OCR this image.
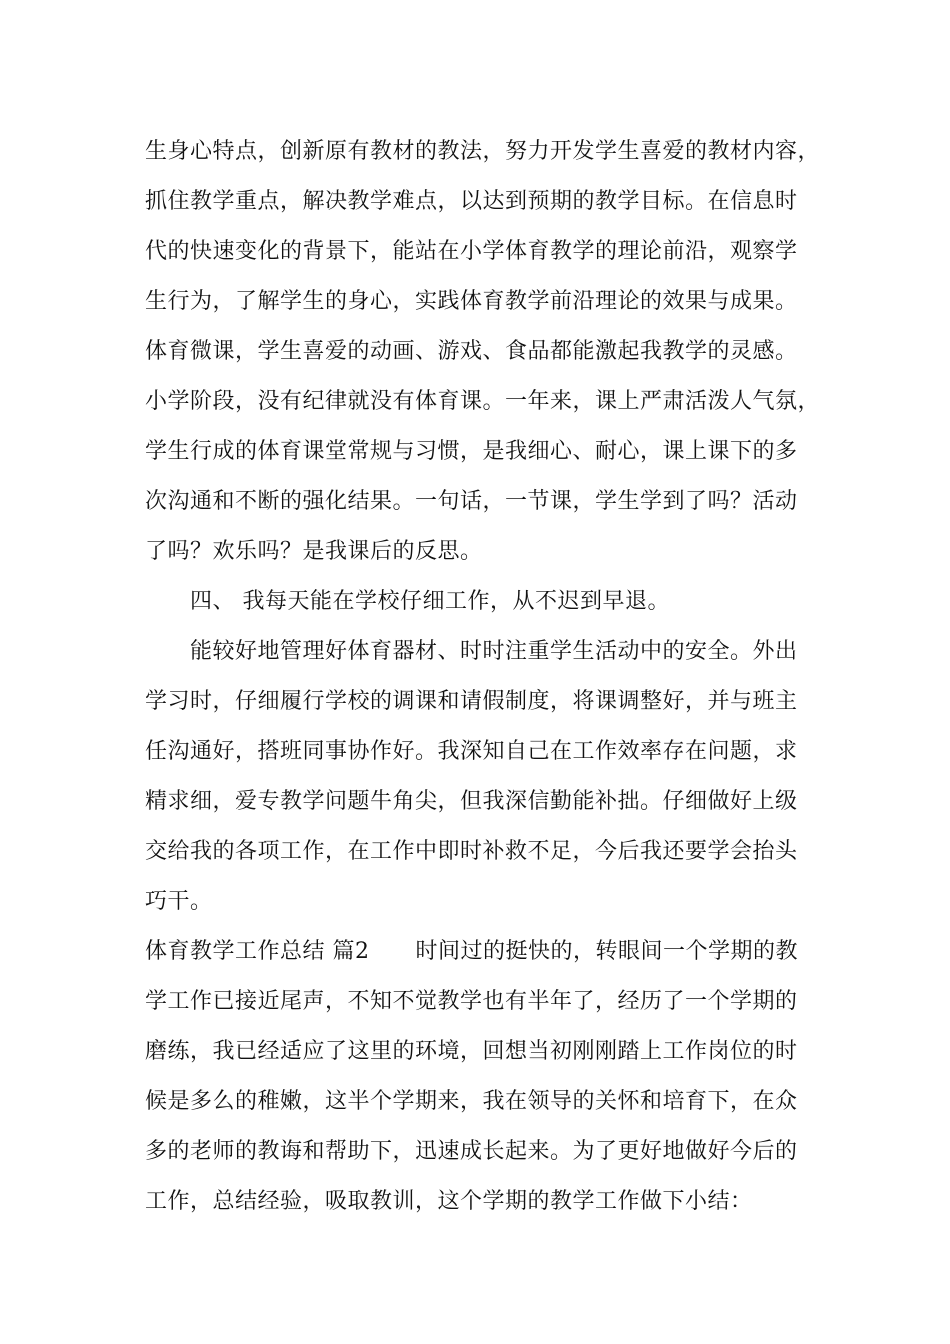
生身心特点，创新原有教材的教法，努力开发学生喜爱的教材内容，
抓住教学重点，解决教学难点，以达到预期的教学目标。在信息时
代的快速变化的背景下，能站在小学体育教学的理论前沿，观察学
生行为，了解学生的身心，实践体育教学前沿理论的效果与成果。
体育微课，学生喜爱的动画、游戏、食品都能激起我教学的灵感。
小学阶段，没有纪律就没有体育课。一年来，课上严肃活泼人气氛，
学生行成的体育课堂常规与习惯，是我细心、耐心，课上课下的多
次沟通和不断的强化结果。一句话，一节课，学生学到了吗？活动
了吗？欢乐吗？是我课后的反思。
四、 我每天能在学校仔细工作，从不迟到早退。
能较好地管理好体育器材、时时注重学生活动中的安全。外出
学习时，仔细履行学校的调课和请假制度，将课调整好，并与班主
任沟通好，搭班同事协作好。我深知自己在工作效率存在问题，求
精求细，爱专教学问题牛角尖，但我深信勤能补拙。仔细做好上级
交给我的各项工作，在工作中即时补救不足，今后我还要学会抬头
巧干。
体育教学工作总结 篇2 时间过的挺快的，转眼间一个学期的教
学工作已接近尾声，不知不觉教学也有半年了，经历了一个学期的
磨练，我已经适应了这里的环境，回想当初刚刚踏上工作岗位的时
候是多么的稚嫩，这半个学期来，我在领导的关怀和培育下，在众
多的老师的教诲和帮助下，迅速成长起来。为了更好地做好今后的
工作，总结经验，吸取教训，这个学期的教学工作做下小结：
